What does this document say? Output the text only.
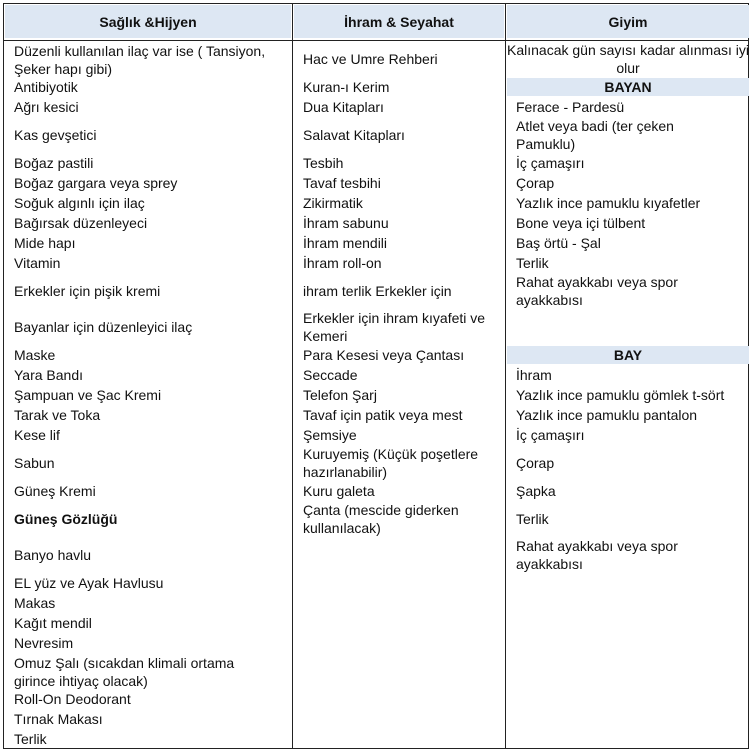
Sağlık &Hijyen	İhram & Seyahat	Giyim
Düzenli kullanılan ilaç var ise ( Tansiyon, Şeker hapı gibi)
Antibiyotik
Ağrı kesici
Kas gevşetici
Boğaz pastili
Boğaz gargara veya sprey
Soğuk algınlı için ilaç
Bağırsak düzenleyeci
Mide hapı
Vitamin
Erkekler için pişik kremi
Bayanlar için düzenleyici ilaç
Maske
Yara Bandı
Şampuan ve Şac Kremi
Tarak ve Toka
Kese lif
Sabun
Güneş Kremi
Güneş Gözlüğü
Banyo havlu
EL yüz ve Ayak Havlusu
Makas
Kağıt mendil
Nevresim
Omuz Şalı (sıcakdan klimali ortama girince ihtiyaç olacak)
Roll-On Deodorant
Tırnak Makası
Terlik
Hac ve Umre Rehberi
Kuran-ı Kerim
Dua Kitapları
Salavat Kitapları
Tesbih
Tavaf tesbihi
Zikirmatik
İhram sabunu
İhram mendili
İhram roll-on
ihram terlik Erkekler için
Erkekler için ihram kıyafeti ve Kemeri
Para Kesesi veya Çantası
Seccade
Telefon Şarj
Tavaf için patik veya mest
Şemsiye
Kuruyemiş (Küçük poşetlere hazırlanabilir)
Kuru galeta
Çanta (mescide giderken kullanılacak)
Kalınacak gün sayısı kadar alınması iyi olur
BAYAN
Ferace - Pardesü
Atlet veya badi (ter çeken Pamuklu)
İç çamaşırı
Çorap
Yazlık ince pamuklu kıyafetler
Bone veya içi tülbent
Baş örtü - Şal
Terlik
Rahat ayakkabı veya spor ayakkabısı
BAY
İhram
Yazlık ince pamuklu gömlek t-sört
Yazlık ince pamuklu pantalon
İç çamaşırı
Çorap
Şapka
Terlik
Rahat ayakkabı veya spor ayakkabısı
